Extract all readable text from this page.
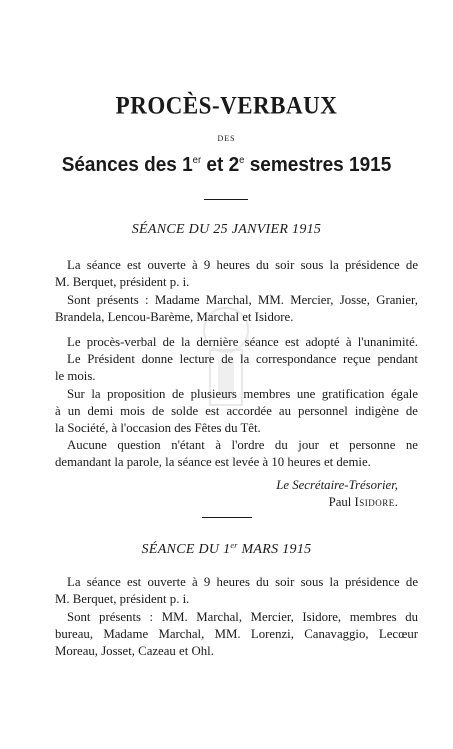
PROCÈS-VERBAUX
DES
Séances des 1er et 2e semestres 1915
SÉANCE DU 25 JANVIER 1915
La séance est ouverte à 9 heures du soir sous la présidence de
M. Berquet, président p. i.
Sont présents : Madame Marchal, MM. Mercier, Josse, Granier,
Brandela, Lencou-Barème, Marchal et Isidore.
Le procès-verbal de la dernière séance est adopté à l'unanimité.
Le Président donne lecture de la correspondance reçue pendant
le mois.
Sur la proposition de plusieurs membres une gratification égale
à un demi mois de solde est accordée au personnel indigène de
la Société, à l'occasion des Fêtes du Têt.
Aucune question n'étant à l'ordre du jour et personne ne
demandant la parole, la séance est levée à 10 heures et demie.
Le Secrétaire-Trésorier,
Paul Isidore.
SÉANCE DU 1er MARS 1915
La séance est ouverte à 9 heures du soir sous la présidence de
M. Berquet, président p. i.
Sont présents : MM. Marchal, Mercier, Isidore, membres du
bureau, Madame Marchal, MM. Lorenzi, Canavaggio, Lecœur
Moreau, Josset, Cazeau et Ohl.
